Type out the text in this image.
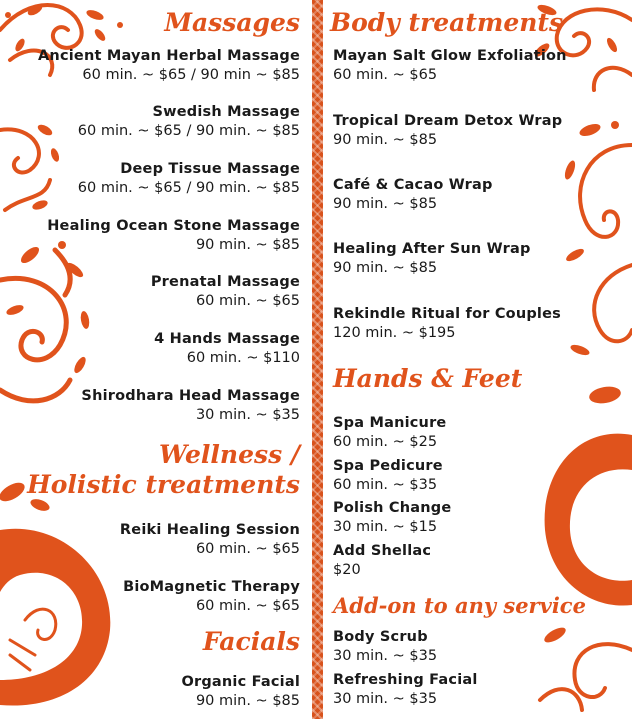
Massages
Ancient Mayan Herbal Massage
60 min. ~ $65 / 90 min ~ $85
Swedish Massage
60 min. ~ $65 / 90 min. ~ $85
Deep Tissue Massage
60 min. ~ $65 / 90 min. ~ $85
Healing Ocean Stone Massage
90 min. ~ $85
Prenatal Massage
60 min. ~ $65
4 Hands Massage
60 min. ~ $110
Shirodhara Head Massage
30 min. ~ $35
Wellness /
Holistic treatments
Reiki Healing Session
60 min. ~ $65
BioMagnetic Therapy
60 min. ~ $65
Facials
Organic Facial
90 min. ~ $85
Body treatments
Mayan Salt Glow Exfoliation
60 min. ~ $65
Tropical Dream Detox Wrap
90 min. ~ $85
Café & Cacao Wrap
90 min. ~ $85
Healing After Sun Wrap
90 min. ~ $85
Rekindle Ritual for Couples
120 min. ~ $195
Hands & Feet
Spa Manicure
60 min. ~ $25
Spa Pedicure
60 min. ~ $35
Polish Change
30 min. ~ $15
Add Shellac
$20
Add-on to any service
Body Scrub
30 min. ~ $35
Refreshing Facial
30 min. ~ $35
